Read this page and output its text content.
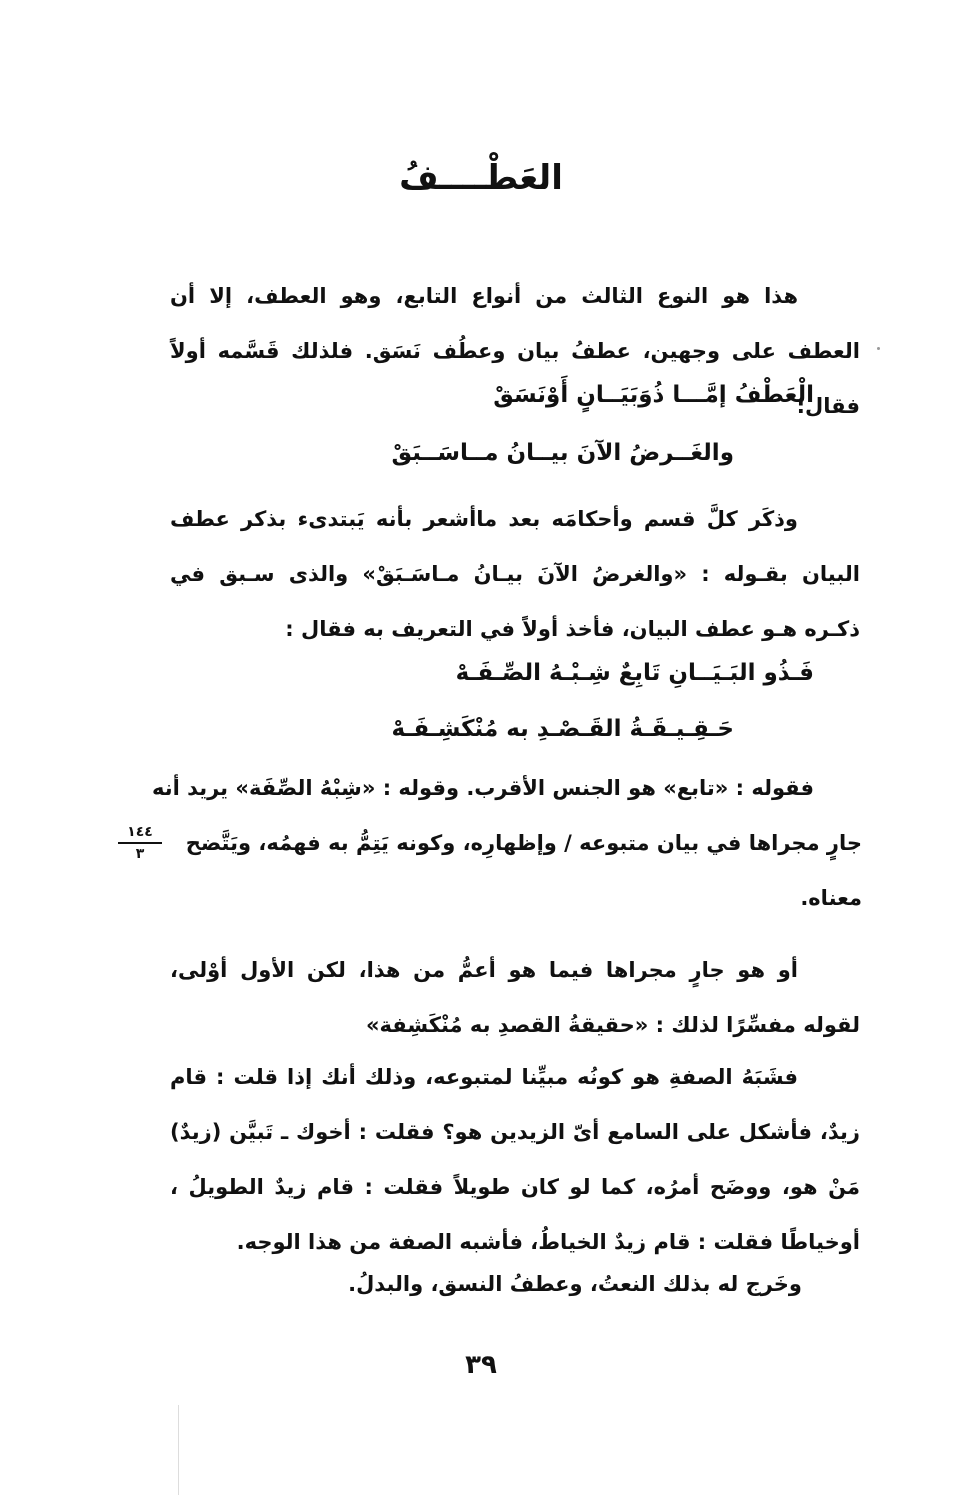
العَطْــــفُ
هذا هو النوع الثالث من أنواع التابع، وهو العطف، إلا أن العطف على وجهين، عطفُ بيان وعطُف نَسَق. فلذلك قَسَّمه أولاً فقال:
الْعَطْفُ إمَّـــا ذُوَبَيَــانٍ أَوْنَسَقْ
والغَــرضُ الآنَ بيــانُ مــاسَــبَقْ
وذكَر كلَّ قسم وأحكامَه بعد ماأشعر بأنه يَبتدىء بذكر عطف البيان بقـوله : «والغرضُ الآنَ بيـانُ مـاسَـبَقْ» والذى سـبق في ذكـره هـو عطف البيان، فأخذ أولاً في التعريف به فقال :
فَـذُو البَـيَــانِ تَابِعٌ شِـبْـهُ الصِّـفَـهْ
حَـقِـيـقَـةُ القَـصْـدِ به مُنْكَشِـفَـهْ
فقوله : «تابع» هو الجنس الأقرب. وقوله : «شِبْهُ الصِّفَة» يريد أنه
جارٍ مجراها في بيان متبوعه / وإظهارِه، وكونه يَتِمُّ به فهمُه، ويَتَّضح
معناه.
١٤٤
٣
أو هو جارٍ مجراها فيما هو أعمُّ من هذا، لكن الأول أوْلى، لقوله مفسِّرًا لذلك : «حقيقةُ القصدِ به مُنْكَشِفة»
فشَبَهُ الصفةِ هو كونُه مبيِّنا لمتبوعه، وذلك أنك إذا قلت : قام زيدٌ، فأشكل على السامع أىّ الزيدين هو؟ فقلت : أخوك ـ تَبيَّن (زيدٌ) مَنْ هو، ووضَح أمرُه، كما لو كان طويلاً فقلت : قام زيدٌ الطويلُ ، أوخياطًا فقلت : قام زيدٌ الخياطُ، فأشبه الصفة من هذا الوجه.
وخَرج له بذلك النعتُ، وعطفُ النسق، والبدلُ.
٣٩
